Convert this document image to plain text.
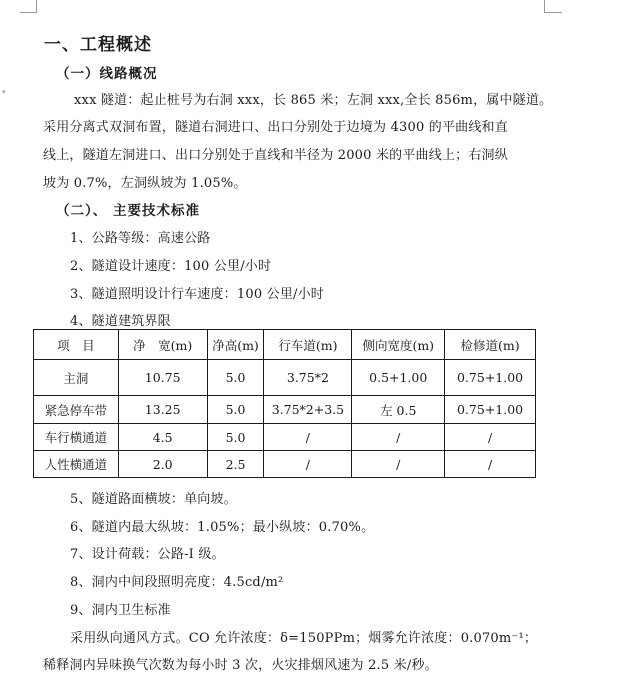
▾
一、工程概述
（一）线路概况
xxx 隧道：起止桩号为右洞 xxx，长 865 米；左洞 xxx,全长 856m，属中隧道。
采用分离式双洞布置，隧道右洞进口、出口分别处于边境为 4300 的平曲线和直
线上，隧道左洞进口、出口分别处于直线和半径为 2000 米的平曲线上；右洞纵
坡为 0.7%，左洞纵坡为 1.05%。
（二）、 主要技术标准
1、公路等级：高速公路
2、隧道设计速度：100 公里/小时
3、隧道照明设计行车速度：100 公里/小时
4、隧道建筑界限
项　目	净　宽(m)	净高(m)	行车道(m)	侧向宽度(m)	检修道(m)
主洞	10.75	5.0	3.75*2	0.5+1.00	0.75+1.00
紧急停车带	13.25	5.0	3.75*2+3.5	左 0.5	0.75+1.00
车行横通道	4.5	5.0	/	/	/
人性横通道	2.0	2.5	/	/	/
5、隧道路面横坡：单向坡。
6、隧道内最大纵坡：1.05%；最小纵坡：0.70%。
7、设计荷载：公路-I 级。
8、洞内中间段照明亮度：4.5cd/m²
9、洞内卫生标准
采用纵向通风方式。CO 允许浓度：δ=150PPm；烟雾允许浓度：0.070m⁻¹；
稀释洞内异味换气次数为每小时 3 次，火灾排烟风速为 2.5 米/秒。
